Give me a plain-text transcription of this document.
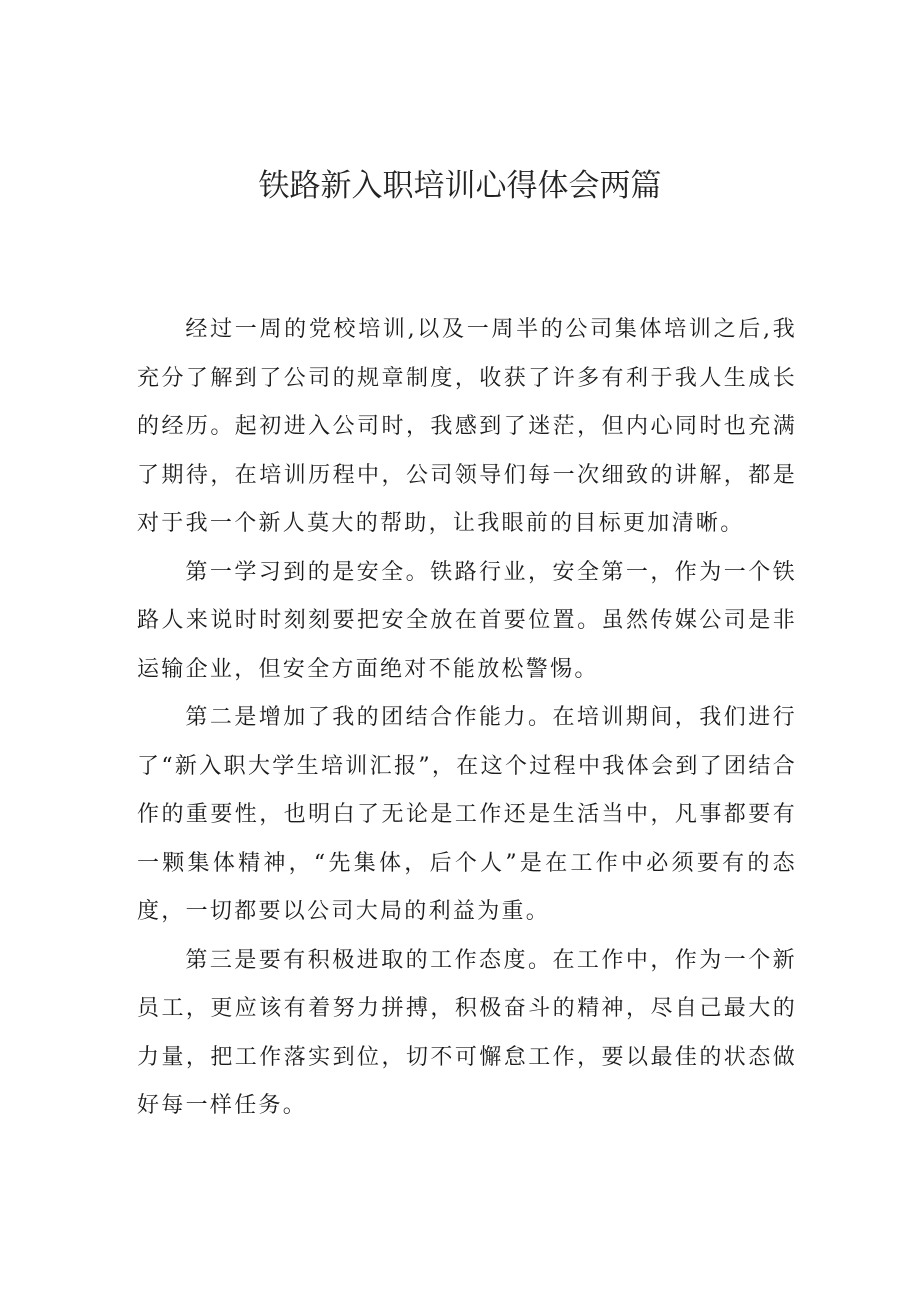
铁路新入职培训心得体会两篇

经过一周的党校培训,以及一周半的公司集体培训之后,我充分了解到了公司的规章制度，收获了许多有利于我人生成长的经历。起初进入公司时，我感到了迷茫，但内心同时也充满了期待，在培训历程中，公司领导们每一次细致的讲解，都是对于我一个新人莫大的帮助，让我眼前的目标更加清晰。

第一学习到的是安全。铁路行业，安全第一，作为一个铁路人来说时时刻刻要把安全放在首要位置。虽然传媒公司是非运输企业，但安全方面绝对不能放松警惕。

第二是增加了我的团结合作能力。在培训期间，我们进行了“新入职大学生培训汇报”，在这个过程中我体会到了团结合作的重要性，也明白了无论是工作还是生活当中，凡事都要有一颗集体精神，“先集体，后个人”是在工作中必须要有的态度，一切都要以公司大局的利益为重。

第三是要有积极进取的工作态度。在工作中，作为一个新员工，更应该有着努力拼搏，积极奋斗的精神，尽自己最大的力量，把工作落实到位，切不可懈怠工作，要以最佳的状态做好每一样任务。
